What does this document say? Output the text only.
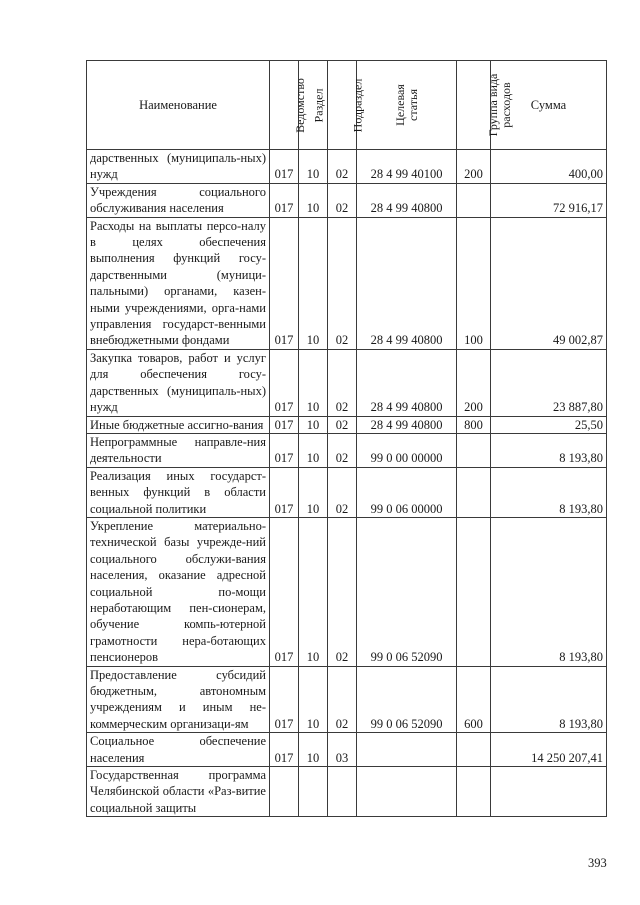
Наименование	Ведомство	Раздел	Подраздел	Целевая статья	Группа вида расходов	Сумма
дарственных (муниципаль-ных) нужд	017	10	02	28 4 99 40100	200	400,00
Учреждения социального обслуживания населения	017	10	02	28 4 99 40800		72 916,17
Расходы на выплаты персо-налу в целях обеспечения выполнения функций госу-дарственными (муници-пальными) органами, казен-ными учреждениями, орга-нами управления государст-венными внебюджетными фондами	017	10	02	28 4 99 40800	100	49 002,87
Закупка товаров, работ и услуг для обеспечения госу-дарственных (муниципаль-ных) нужд	017	10	02	28 4 99 40800	200	23 887,80
Иные бюджетные ассигно-вания	017	10	02	28 4 99 40800	800	25,50
Непрограммные направле-ния деятельности	017	10	02	99 0 00 00000		8 193,80
Реализация иных государст-венных функций в области социальной политики	017	10	02	99 0 06 00000		8 193,80
Укрепление материально-технической базы учрежде-ний социального обслужи-вания населения, оказание адресной социальной по-мощи неработающим пен-сионерам, обучение компь-ютерной грамотности нера-ботающих пенсионеров	017	10	02	99 0 06 52090		8 193,80
Предоставление субсидий бюджетным, автономным учреждениям и иным не-коммерческим организаци-ям	017	10	02	99 0 06 52090	600	8 193,80
Социальное обеспечение населения	017	10	03			14 250 207,41
Государственная программа Челябинской области «Раз-витие социальной защиты						
393
